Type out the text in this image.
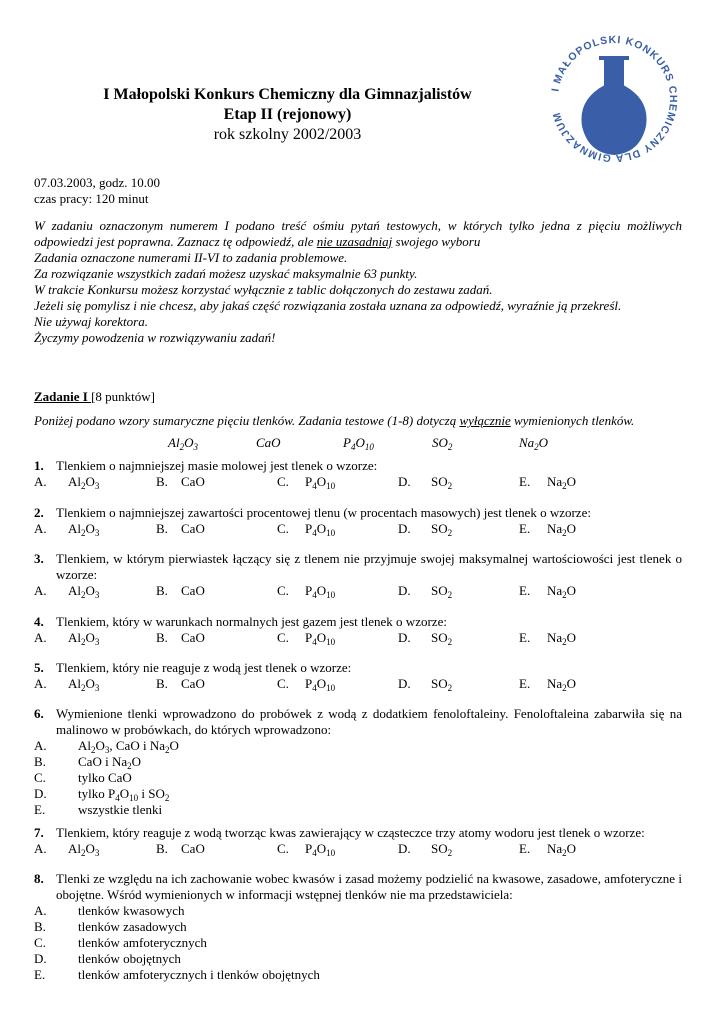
I MAŁOPOLSKI KONKURS CHEMICZNY DLA GIMNAZJUM
I Małopolski Konkurs Chemiczny dla Gimnazjalistów
Etap II (rejonowy)
rok szkolny 2002/2003
07.03.2003, godz. 10.00
czas pracy: 120 minut
W zadaniu oznaczonym numerem I podano treść ośmiu pytań testowych, w których tylko jedna z pięciu możliwych odpowiedzi jest poprawna. Zaznacz tę odpowiedź, ale nie uzasadniaj swojego wyboru
Zadania oznaczone numerami II-VI to zadania problemowe.
Za rozwiązanie wszystkich zadań możesz uzyskać maksymalnie 63 punkty.
W trakcie Konkursu możesz korzystać wyłącznie z tablic dołączonych do zestawu zadań.
Jeżeli się pomylisz i nie chcesz, aby jakaś część rozwiązania została uznana za odpowiedź, wyraźnie ją przekreśl.
Nie używaj korektora.
Życzymy powodzenia w rozwiązywaniu zadań!
Zadanie I [8 punktów]
Poniżej podano wzory sumaryczne pięciu tlenków. Zadania testowe (1-8) dotyczą wyłącznie wymienionych tlenków.
$Al_2O_3$	CaO	$P_4O_{10}$	$SO_2$	$Na_2O$
1. Tlenkiem o najmniejszej masie molowej jest tlenek o wzorze:
A. $Al_2O_3$	B. CaO	C. $P_4O_{10}$	D. $SO_2$	E. $Na_2O$
2. Tlenkiem o najmniejszej zawartości procentowej tlenu (w procentach masowych) jest tlenek o wzorze:
A. $Al_2O_3$	B. CaO	C. $P_4O_{10}$	D. $SO_2$	E. $Na_2O$
3. Tlenkiem, w którym pierwiastek łączący się z tlenem nie przyjmuje swojej maksymalnej wartościowości jest tlenek o wzorze:
A. $Al_2O_3$	B. CaO	C. $P_4O_{10}$	D. $SO_2$	E. $Na_2O$
4. Tlenkiem, który w warunkach normalnych jest gazem jest tlenek o wzorze:
A. $Al_2O_3$	B. CaO	C. $P_4O_{10}$	D. $SO_2$	E. $Na_2O$
5. Tlenkiem, który nie reaguje z wodą jest tlenek o wzorze:
A. $Al_2O_3$	B. CaO	C. $P_4O_{10}$	D. $SO_2$	E. $Na_2O$
6. Wymienione tlenki wprowadzono do probówek z wodą z dodatkiem fenoloftaleiny. Fenoloftaleina zabarwiła się na malinowo w probówkach, do których wprowadzono:
A. $Al_2O_3$, CaO i $Na_2O$
B. CaO i $Na_2O$
C. tylko CaO
D. tylko $P_4O_{10}$ i $SO_2$
E.	wszystkie tlenki
7. Tlenkiem, który reaguje z wodą tworząc kwas zawierający w cząsteczce trzy atomy wodoru jest tlenek o wzorze:
A. $Al_2O_3$	B. CaO	C. $P_4O_{10}$	D. $SO_2$	E. $Na_2O$
8. Tlenki ze względu na ich zachowanie wobec kwasów i zasad możemy podzielić na kwasowe, zasadowe, amfoteryczne i obojętne. Wśród wymienionych w informacji wstępnej tlenków nie ma przedstawiciela:
A. tlenków kwasowych
B. tlenków zasadowych
C. tlenków amfoterycznych
D. tlenków obojętnych
E.	tlenków amfoterycznych i tlenków obojętnych
